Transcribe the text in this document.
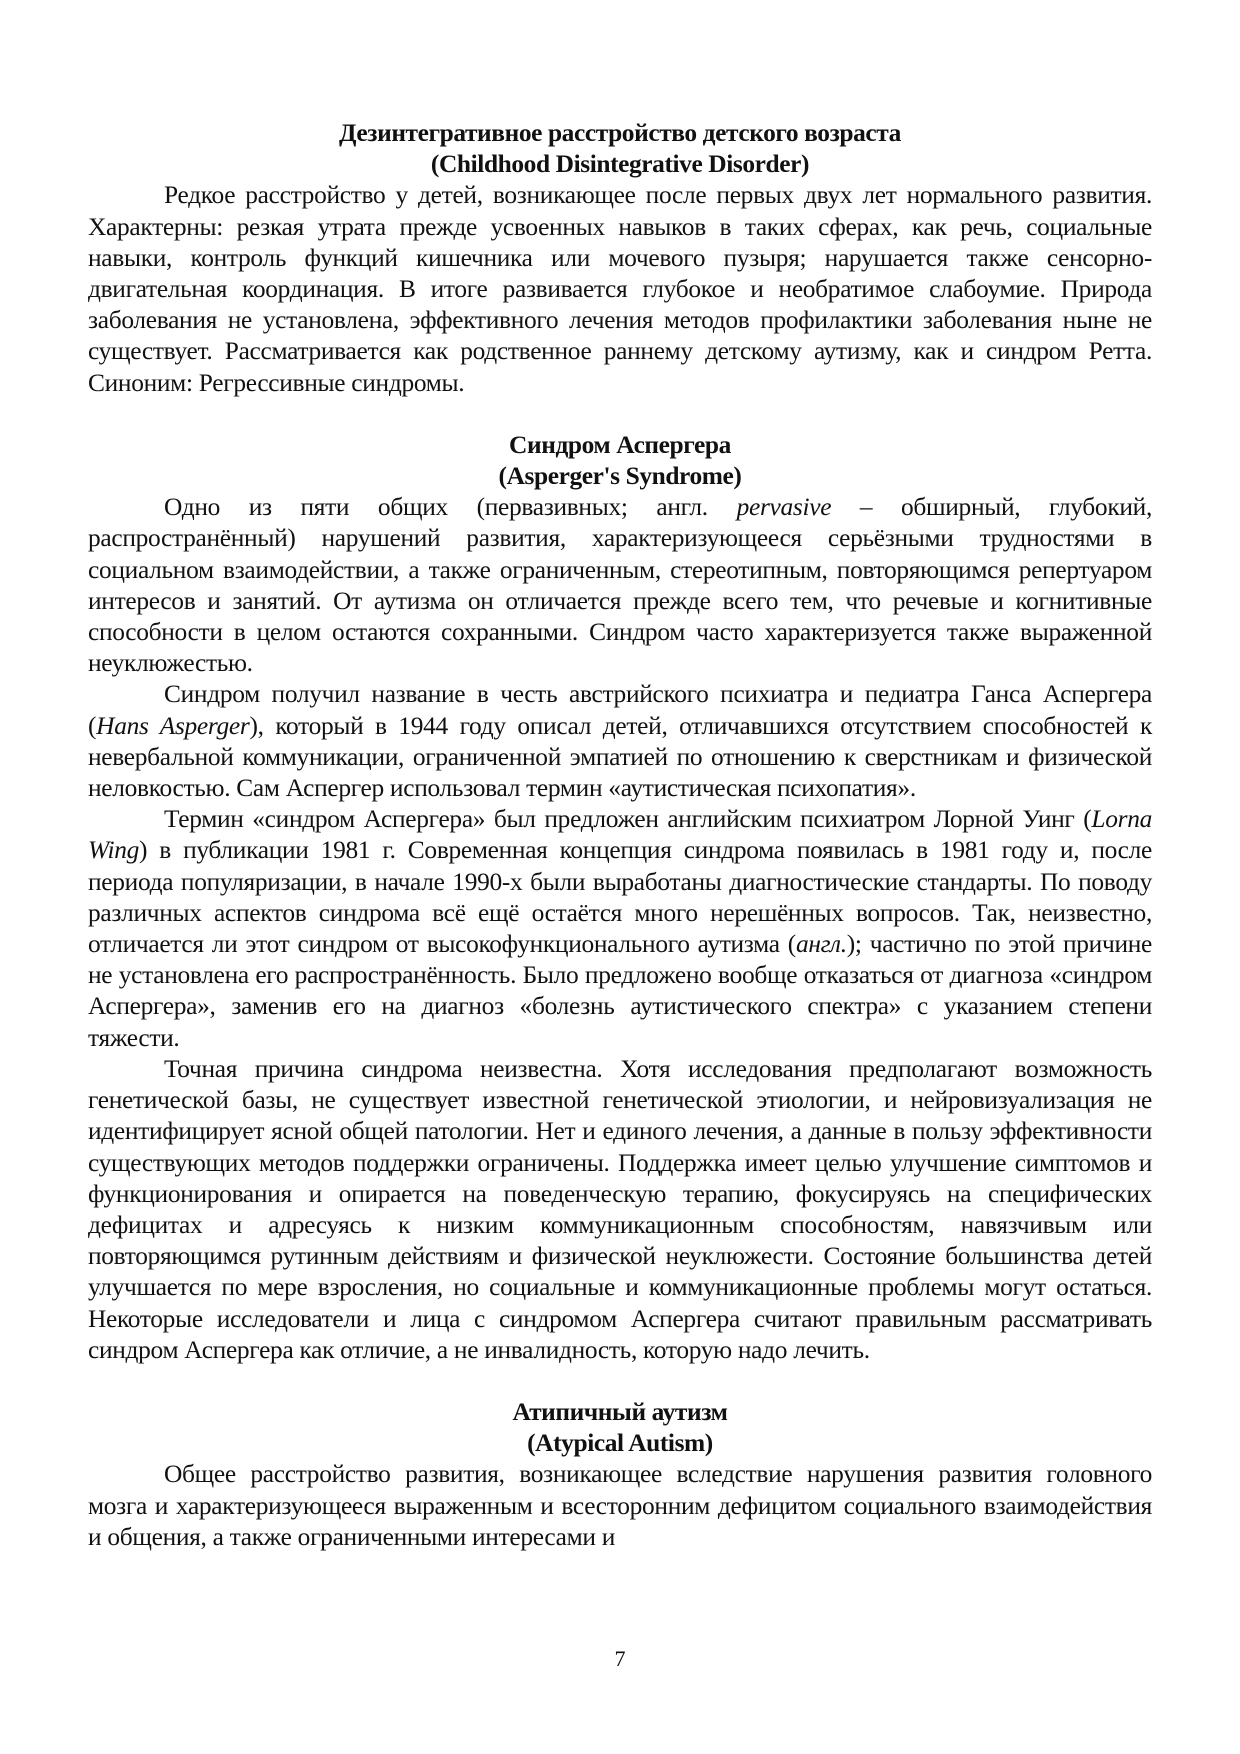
Дезинтегративное расстройство детского возраста
(Childhood Disintegrative Disorder)

Редкое расстройство у детей, возникающее после первых двух лет нормального развития. Характерны: резкая утрата прежде усвоенных навыков в таких сферах, как речь, социальные навыки, контроль функций кишечника или мочевого пузыря; нарушается также сенсорно-двигательная координация. В итоге развивается глубокое и необратимое слабоумие. Природа заболевания не установлена, эффективного лечения методов профилактики заболевания ныне не существует. Рассматривается как родственное раннему детскому аутизму, как и синдром Ретта. Синоним: Регрессивные синдромы.

Синдром Аспергера
(Asperger's Syndrome)

Одно из пяти общих (первазивных; англ. pervasive – обширный, глубокий, распространённый) нарушений развития, характеризующееся серьёзными трудностями в социальном взаимодействии, а также ограниченным, стереотипным, повторяющимся репертуаром интересов и занятий. От аутизма он отличается прежде всего тем, что речевые и когнитивные способности в целом остаются сохранными. Синдром часто характеризуется также выраженной неуклюжестью.

Синдром получил название в честь австрийского психиатра и педиатра Ганса Аспергера (Hans Asperger), который в 1944 году описал детей, отличавшихся отсутствием способностей к невербальной коммуникации, ограниченной эмпатией по отношению к сверстникам и физической неловкостью. Сам Аспергер использовал термин «аутистическая психопатия».

Термин «синдром Аспергера» был предложен английским психиатром Лорной Уинг (Lorna Wing) в публикации 1981 г. Современная концепция синдрома появилась в 1981 году и, после периода популяризации, в начале 1990-х были выработаны диагностические стандарты. По поводу различных аспектов синдрома всё ещё остаётся много нерешённых вопросов. Так, неизвестно, отличается ли этот синдром от высокофункционального аутизма (англ.); частично по этой причине не установлена его распространённость. Было предложено вообще отказаться от диагноза «синдром Аспергера», заменив его на диагноз «болезнь аутистического спектра» с указанием степени тяжести.

Точная причина синдрома неизвестна. Хотя исследования предполагают возможность генетической базы, не существует известной генетической этиологии, и нейровизуализация не идентифицирует ясной общей патологии. Нет и единого лечения, а данные в пользу эффективности существующих методов поддержки ограничены. Поддержка имеет целью улучшение симптомов и функционирования и опирается на поведенческую терапию, фокусируясь на специфических дефицитах и адресуясь к низким коммуникационным способностям, навязчивым или повторяющимся рутинным действиям и физической неуклюжести. Состояние большинства детей улучшается по мере взросления, но социальные и коммуникационные проблемы могут остаться. Некоторые исследователи и лица с синдромом Аспергера считают правильным рассматривать синдром Аспергера как отличие, а не инвалидность, которую надо лечить.

Атипичный аутизм
(Atypical Autism)

Общее расстройство развития, возникающее вследствие нарушения развития головного мозга и характеризующееся выраженным и всесторонним дефицитом социального взаимодействия и общения, а также ограниченными интересами и

7
